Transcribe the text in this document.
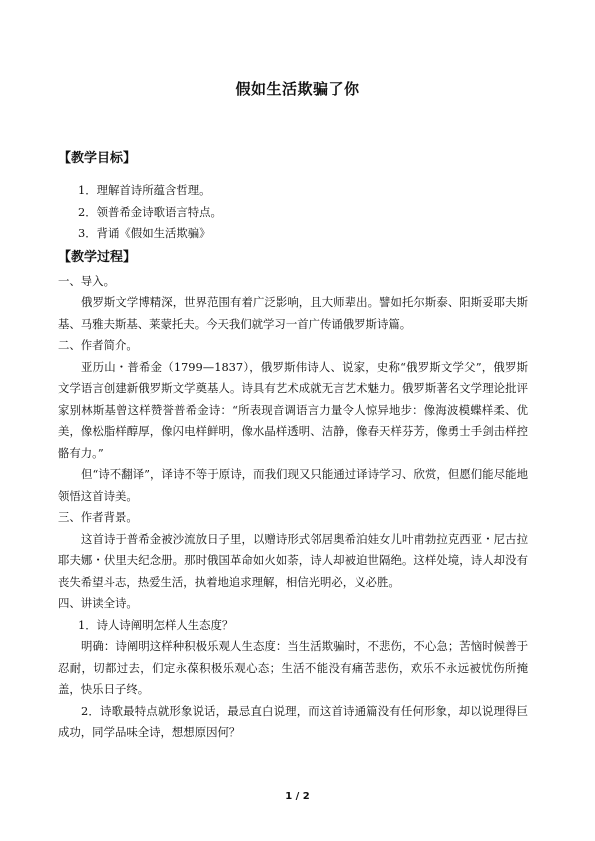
假如生活欺骗了你

【教学目标】

1．理解首诗所蕴含哲理。

2．领普希金诗歌语言特点。

3．背诵《假如生活欺骗》

【教学过程】

一、导入。

俄罗斯文学博精深，世界范围有着广泛影响，且大师辈出。譬如托尔斯泰、阳斯妥耶夫斯基、马雅夫斯基、莱蒙托夫。今天我们就学习一首广传诵俄罗斯诗篇。

二、作者简介。

亚历山・普希金（1799—1837），俄罗斯伟诗人、说家，史称“俄罗斯文学父”，俄罗斯文学语言创建新俄罗斯文学奠基人。诗具有艺术成就无言艺术魅力。俄罗斯著名文学理论批评家别林斯基曾这样赞誉普希金诗：“所表现音调语言力量令人惊异地步：像海波模蝶样柔、优美，像松脂样醇厚，像闪电样鲜明，像水晶样透明、洁静，像春天样芬芳，像勇士手剑击样控骼有力。”

但“诗不翻译”，译诗不等于原诗，而我们现又只能通过译诗学习、欣赏，但愿们能尽能地领悟这首诗美。

三、作者背景。

这首诗于普希金被沙流放日子里，以赠诗形式邻居奥希泊娃女儿叶甫勃拉克西亚・尼古拉耶夫娜・伏里夫纪念册。那时俄国革命如火如荼，诗人却被迫世隔绝。这样处境，诗人却没有丧失希望斗志，热爱生活，执着地追求理解，相信光明必，义必胜。

四、讲读全诗。

1．诗人诗阐明怎样人生态度？

明确：诗阐明这样种积极乐观人生态度：当生活欺骗时，不悲伤，不心急；苦恼时候善于忍耐，切都过去，们定永葆积极乐观心态；生活不能没有痛苦悲伤，欢乐不永远被忧伤所掩盖，快乐日子终。

2．诗歌最特点就形象说话，最忌直白说理，而这首诗通篇没有任何形象，却以说理得巨成功，同学品味全诗，想想原因何？

1 / 2
